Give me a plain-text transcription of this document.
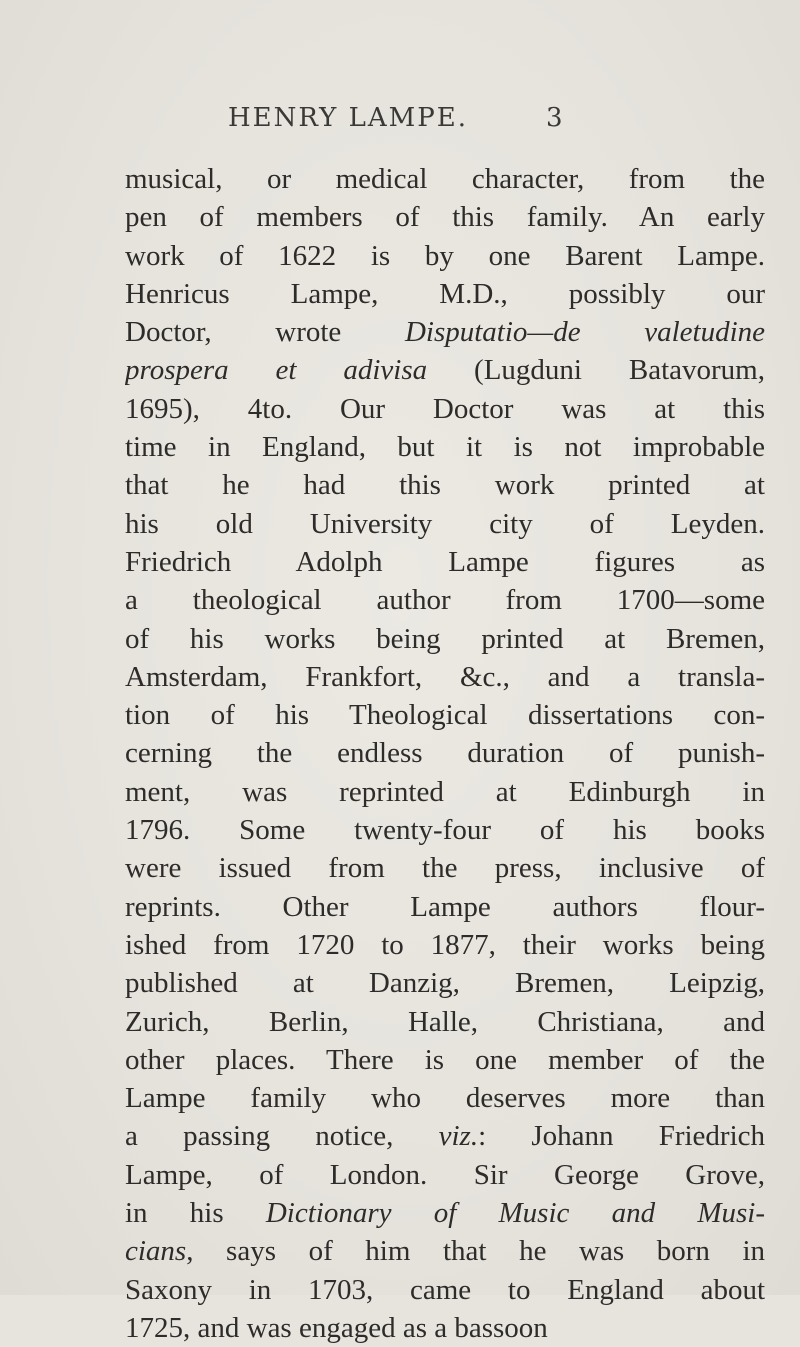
HENRY LAMPE.	3
musical, or medical character, from the
pen of members of this family. An early
work of 1622 is by one Barent Lampe.
Henricus Lampe, M.D., possibly our
Doctor, wrote Disputatio—de valetudine
prospera et adivisa (Lugduni Batavorum,
1695), 4to. Our Doctor was at this
time in England, but it is not improbable
that he had this work printed at
his old University city of Leyden.
Friedrich Adolph Lampe figures as
a theological author from 1700—some
of his works being printed at Bremen,
Amsterdam, Frankfort, &c., and a transla-
tion of his Theological dissertations con-
cerning the endless duration of punish-
ment, was reprinted at Edinburgh in
1796. Some twenty-four of his books
were issued from the press, inclusive of
reprints. Other Lampe authors flour-
ished from 1720 to 1877, their works being
published at Danzig, Bremen, Leipzig,
Zurich, Berlin, Halle, Christiana, and
other places. There is one member of the
Lampe family who deserves more than
a passing notice, viz.: Johann Friedrich
Lampe, of London. Sir George Grove,
in his Dictionary of Music and Musi-
cians, says of him that he was born in
Saxony in 1703, came to England about
1725, and was engaged as a bassoon
